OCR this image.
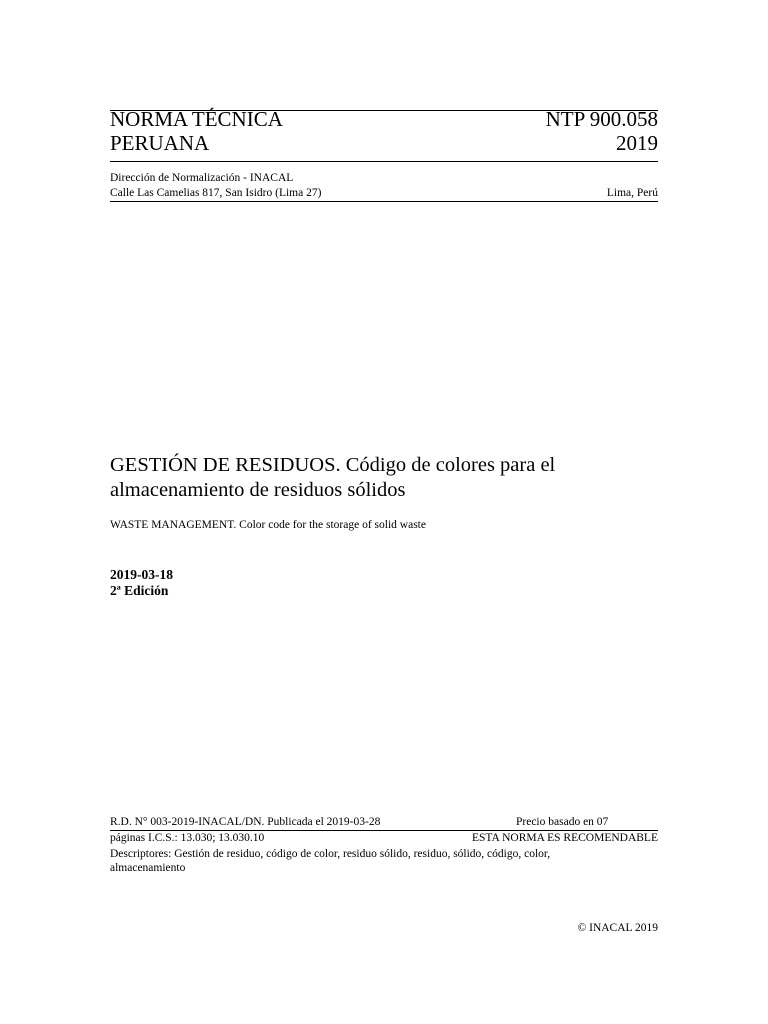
NORMA TÉCNICA
PERUANA
NTP 900.058
2019
Dirección de Normalización - INACAL
Calle Las Camelias 817, San Isidro (Lima 27)	Lima, Perú
GESTIÓN DE RESIDUOS. Código de colores para el
almacenamiento de residuos sólidos
WASTE MANAGEMENT. Color code for the storage of solid waste
2019-03-18
2ª Edición
R.D. N° 003-2019-INACAL/DN. Publicada el 2019-03-28	Precio basado en 07
páginas I.C.S.: 13.030; 13.030.10	ESTA NORMA ES RECOMENDABLE
Descriptores: Gestión de residuo, código de color, residuo sólido, residuo, sólido, código, color,
almacenamiento
© INACAL 2019
